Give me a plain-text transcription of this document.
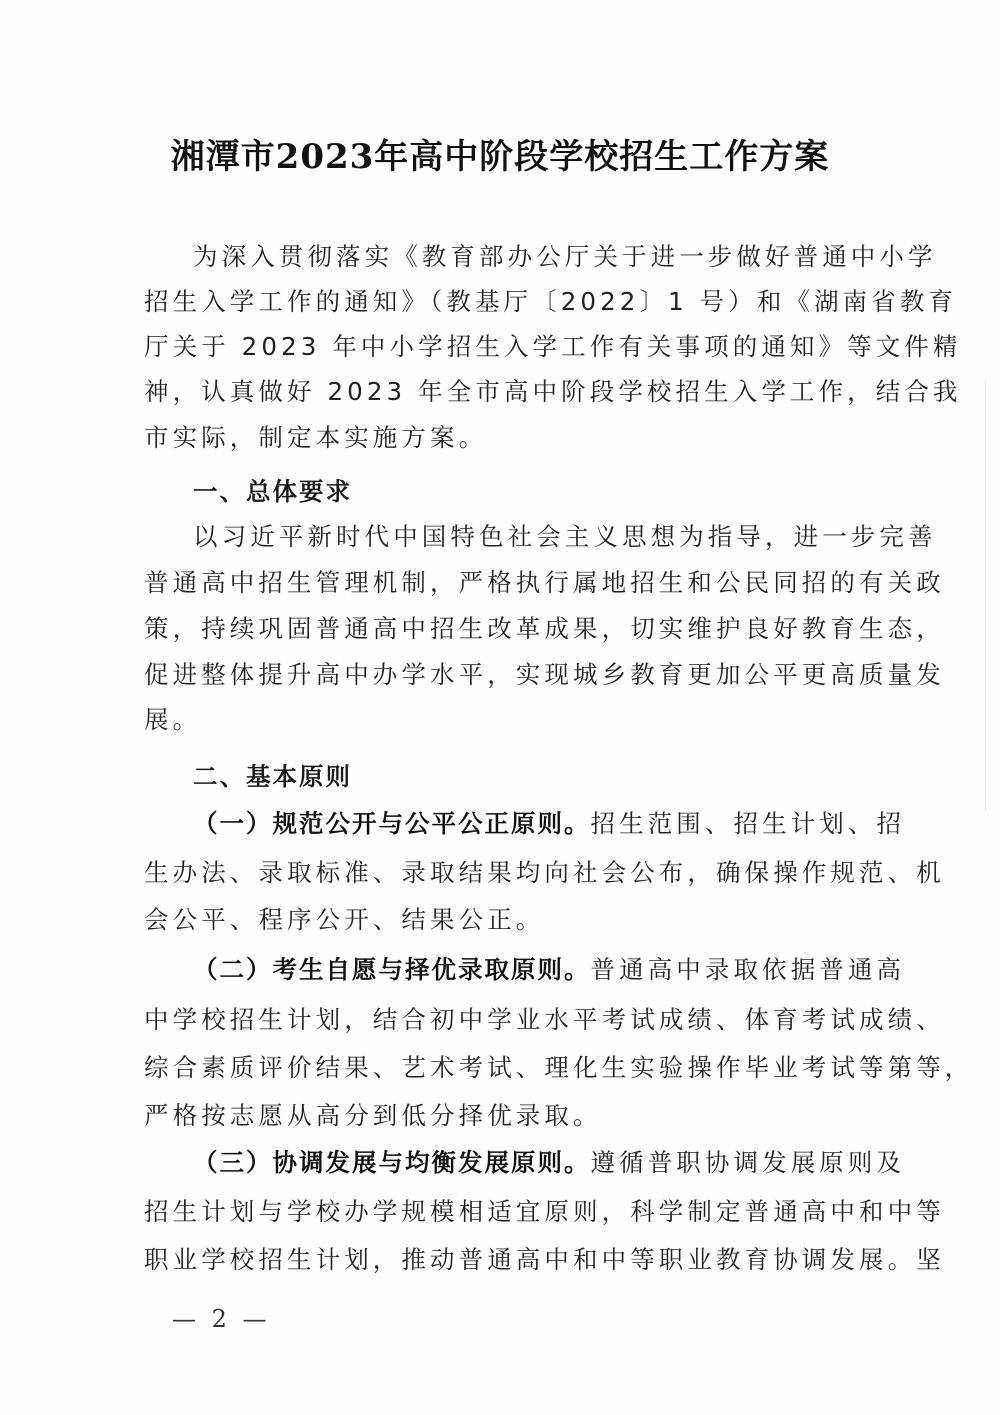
湘潭市2023年高中阶段学校招生工作方案
为深入贯彻落实《教育部办公厅关于进一步做好普通中小学
招生入学工作的通知》（教基厅〔2022〕1 号）和《湖南省教育
厅关于 2023 年中小学招生入学工作有关事项的通知》等文件精
神，认真做好 2023 年全市高中阶段学校招生入学工作，结合我
市实际，制定本实施方案。
一、总体要求
以习近平新时代中国特色社会主义思想为指导，进一步完善
普通高中招生管理机制，严格执行属地招生和公民同招的有关政
策，持续巩固普通高中招生改革成果，切实维护良好教育生态，
促进整体提升高中办学水平，实现城乡教育更加公平更高质量发
展。
二、基本原则
（一）规范公开与公平公正原则。招生范围、招生计划、招
生办法、录取标准、录取结果均向社会公布，确保操作规范、机
会公平、程序公开、结果公正。
（二）考生自愿与择优录取原则。普通高中录取依据普通高
中学校招生计划，结合初中学业水平考试成绩、体育考试成绩、
综合素质评价结果、艺术考试、理化生实验操作毕业考试等第等，
严格按志愿从高分到低分择优录取。
（三）协调发展与均衡发展原则。遵循普职协调发展原则及
招生计划与学校办学规模相适宜原则，科学制定普通高中和中等
职业学校招生计划，推动普通高中和中等职业教育协调发展。坚
— 2 —
